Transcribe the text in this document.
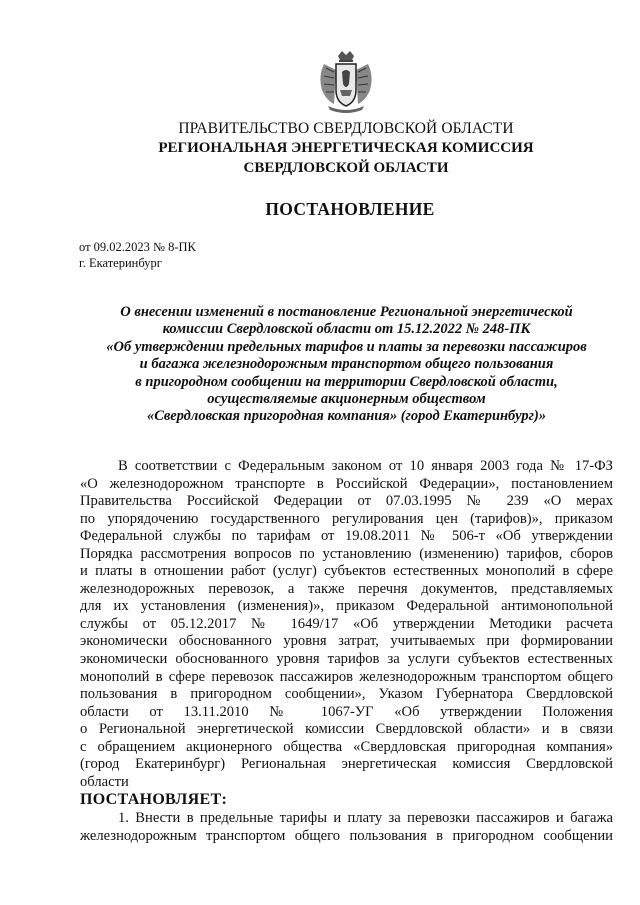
ПРАВИТЕЛЬСТВО СВЕРДЛОВСКОЙ ОБЛАСТИ
РЕГИОНАЛЬНАЯ ЭНЕРГЕТИЧЕСКАЯ КОМИССИЯ
СВЕРДЛОВСКОЙ ОБЛАСТИ
ПОСТАНОВЛЕНИЕ
от 09.02.2023 № 8-ПК
г. Екатеринбург
О внесении изменений в постановление Региональной энергетической
комиссии Свердловской области от 15.12.2022 № 248-ПК
«Об утверждении предельных тарифов и платы за перевозки пассажиров
и багажа железнодорожным транспортом общего пользования
в пригородном сообщении на территории Свердловской области,
осуществляемые акционерным обществом
«Свердловская пригородная компания» (город Екатеринбург)»
В соответствии с Федеральным законом от 10 января 2003 года № 17-ФЗ
«О железнодорожном транспорте в Российской Федерации», постановлением
Правительства Российской Федерации от 07.03.1995 № 239 «О мерах
по упорядочению государственного регулирования цен (тарифов)», приказом
Федеральной службы по тарифам от 19.08.2011 № 506-т «Об утверждении
Порядка рассмотрения вопросов по установлению (изменению) тарифов, сборов
и платы в отношении работ (услуг) субъектов естественных монополий в сфере
железнодорожных перевозок, а также перечня документов, представляемых
для их установления (изменения)», приказом Федеральной антимонопольной
службы от 05.12.2017 № 1649/17 «Об утверждении Методики расчета
экономически обоснованного уровня затрат, учитываемых при формировании
экономически обоснованного уровня тарифов за услуги субъектов естественных
монополий в сфере перевозок пассажиров железнодорожным транспортом общего
пользования в пригородном сообщении», Указом Губернатора Свердловской
области от 13.11.2010 № 1067-УГ «Об утверждении Положения
о Региональной энергетической комиссии Свердловской области» и в связи
с обращением акционерного общества «Свердловская пригородная компания»
(город Екатеринбург) Региональная энергетическая комиссия Свердловской
области
ПОСТАНОВЛЯЕТ:
1. Внести в предельные тарифы и плату за перевозки пассажиров и багажа
железнодорожным транспортом общего пользования в пригородном сообщении
